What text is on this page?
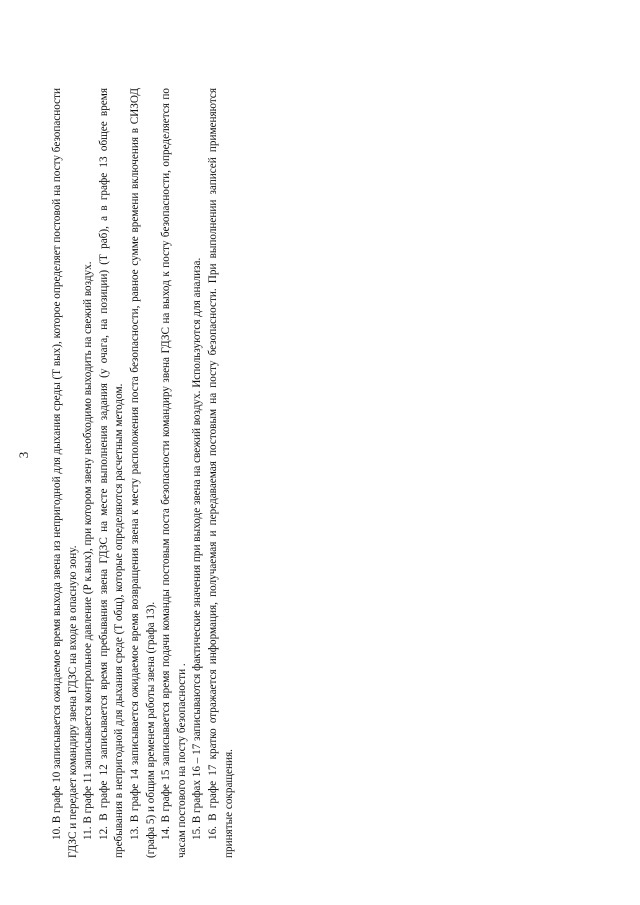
3	10. В графе 10 записывается ожидаемое время выхода звена из непригодной для дыхания среды (Т вых), которое определяет постовой на посту безопасности ГДЗС и передает командиру звена ГДЗС на входе в опасную зону. 11. В графе 11 записывается контрольное давление (Р к.вых), при котором звену необходимо выходить на свежий воздух. 12. В графе 12 записывается время пребывания звена ГДЗС на месте выполнения задания (у очага, на позиции) (Т раб), а в графе 13 общее время пребывания в непригодной для дыхания среде (Т общ), которые определяются расчетным методом. 13. В графе 14 записывается ожидаемое время возвращения звена к месту расположения поста безопасности, равное сумме времени включения в СИЗОД (графа 5) и общим временем работы звена (графа 13). 14. В графе 15 записывается время подачи команды постовым поста безопасности командиру звена ГДЗС на выход к посту безопасности, определяется по часам постового на посту безопасности . 15. В графах 16 – 17 записываются фактические значения при выходе звена на свежий воздух. Используются для анализа. 16. В графе 17 кратко отражается информация, получаемая и передаваемая постовым на посту безопасности. При выполнении записей применяются принятые сокращения.
